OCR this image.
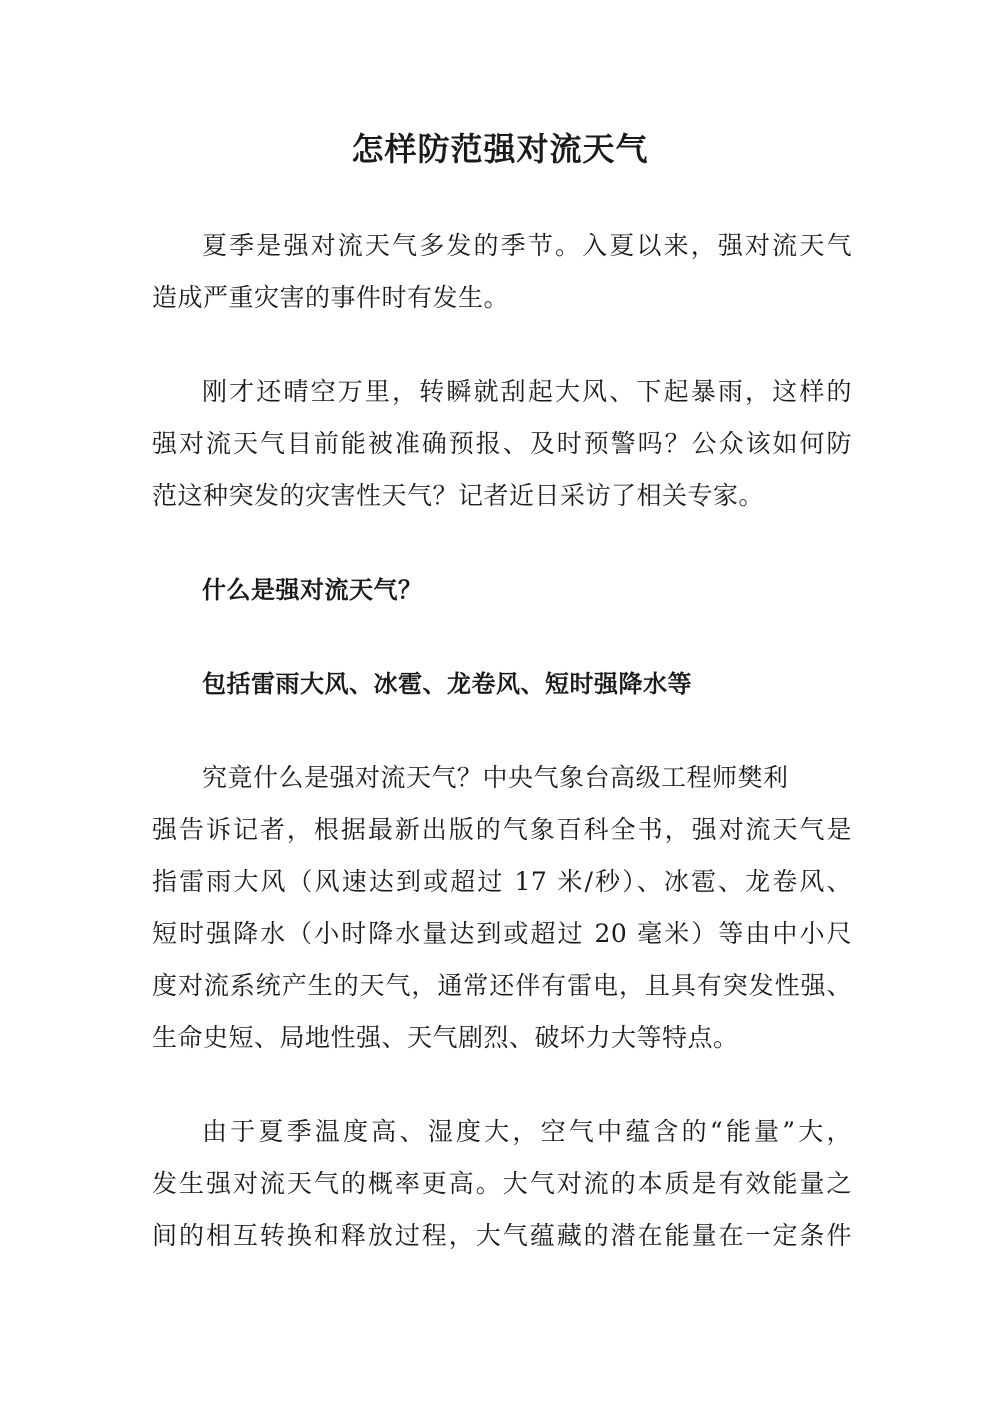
怎样防范强对流天气
夏季是强对流天气多发的季节。入夏以来，强对流天气
造成严重灾害的事件时有发生。
刚才还晴空万里，转瞬就刮起大风、下起暴雨，这样的
强对流天气目前能被准确预报、及时预警吗？公众该如何防
范这种突发的灾害性天气？记者近日采访了相关专家。
什么是强对流天气？
包括雷雨大风、冰雹、龙卷风、短时强降水等
究竟什么是强对流天气？中央气象台高级工程师樊利
强告诉记者，根据最新出版的气象百科全书，强对流天气是
指雷雨大风（风速达到或超过 17 米/秒）、冰雹、龙卷风、
短时强降水（小时降水量达到或超过 20 毫米）等由中小尺
度对流系统产生的天气，通常还伴有雷电，且具有突发性强、
生命史短、局地性强、天气剧烈、破坏力大等特点。
由于夏季温度高、湿度大，空气中蕴含的“能量”大，
发生强对流天气的概率更高。大气对流的本质是有效能量之
间的相互转换和释放过程，大气蕴藏的潜在能量在一定条件
